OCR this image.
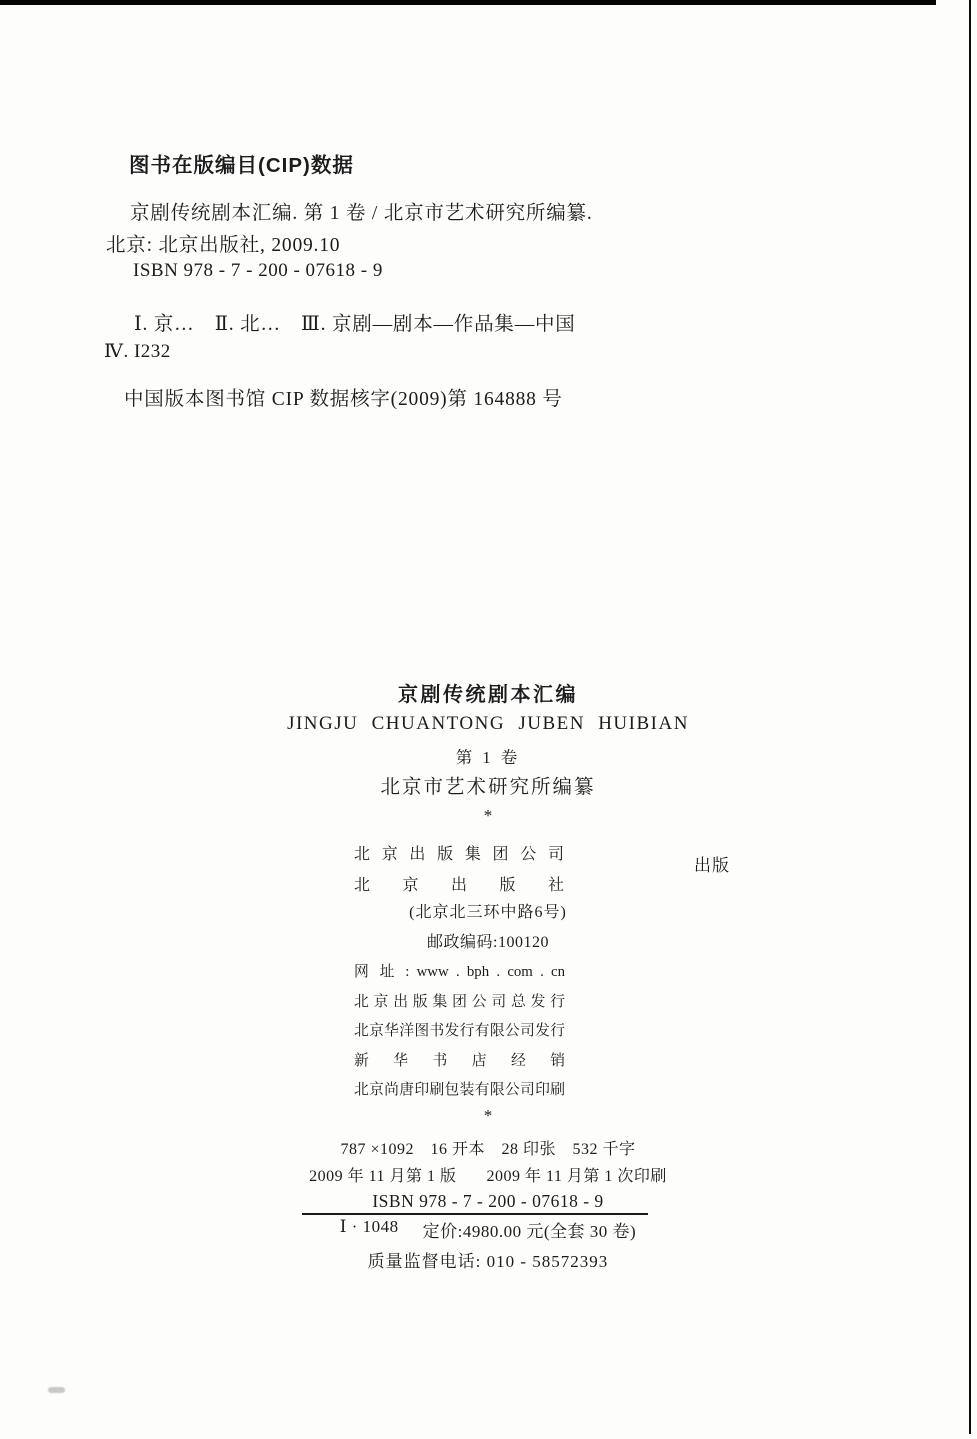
图书在版编目(CIP)数据
京剧传统剧本汇编. 第 1 卷 / 北京市艺术研究所编纂.
北京: 北京出版社, 2009.10
ISBN 978 - 7 - 200 - 07618 - 9
Ⅰ. 京…　Ⅱ. 北…　Ⅲ. 京剧—剧本—作品集—中国
Ⅳ. I232
中国版本图书馆 CIP 数据核字(2009)第 164888 号
京剧传统剧本汇编
JINGJU CHUANTONG JUBEN HUIBIAN
第 1 卷
北京市艺术研究所编纂
*
北京出版集团公司
北京出版社
出版
(北京北三环中路6号)
邮政编码:100120
网 址 : www . bph . com . cn
北京出版集团公司总发行
北京华洋图书发行有限公司发行
新华书店经销
北京尚唐印刷包装有限公司印刷
*
787 ×1092　16 开本　28 印张　532 千字
2009 年 11 月第 1 版 2009 年 11 月第 1 次印刷
ISBN 978 - 7 - 200 - 07618 - 9
Ⅰ · 1048 定价:4980.00 元(全套 30 卷)
质量监督电话: 010 - 58572393
